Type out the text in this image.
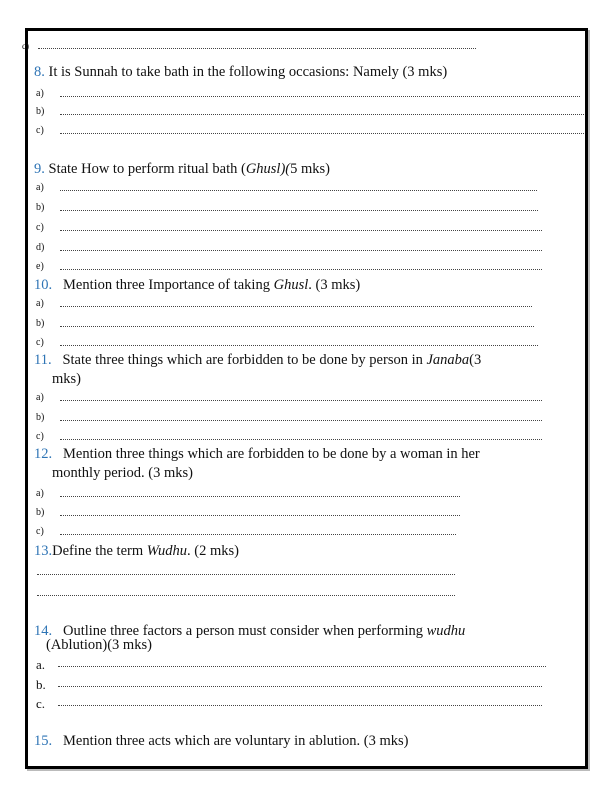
c)
8. It is Sunnah to take bath in the following occasions: Namely (3 mks)
a)
b)
c)
9. State How to perform ritual bath (Ghusl)(5 mks)
a)
b)
c)
d)
e)
10. Mention three Importance of taking Ghusl. (3 mks)
a)
b)
c)
11. State three things which are forbidden to be done by person in Janaba(3
mks)
a)
b)
c)
12. Mention three things which are forbidden to be done by a woman in her
monthly period. (3 mks)
a)
b)
c)
13.Define the term Wudhu. (2 mks)
14. Outline three factors a person must consider when performing wudhu
(Ablution)(3 mks)
a.
b.
c.
15. Mention three acts which are voluntary in ablution. (3 mks)
